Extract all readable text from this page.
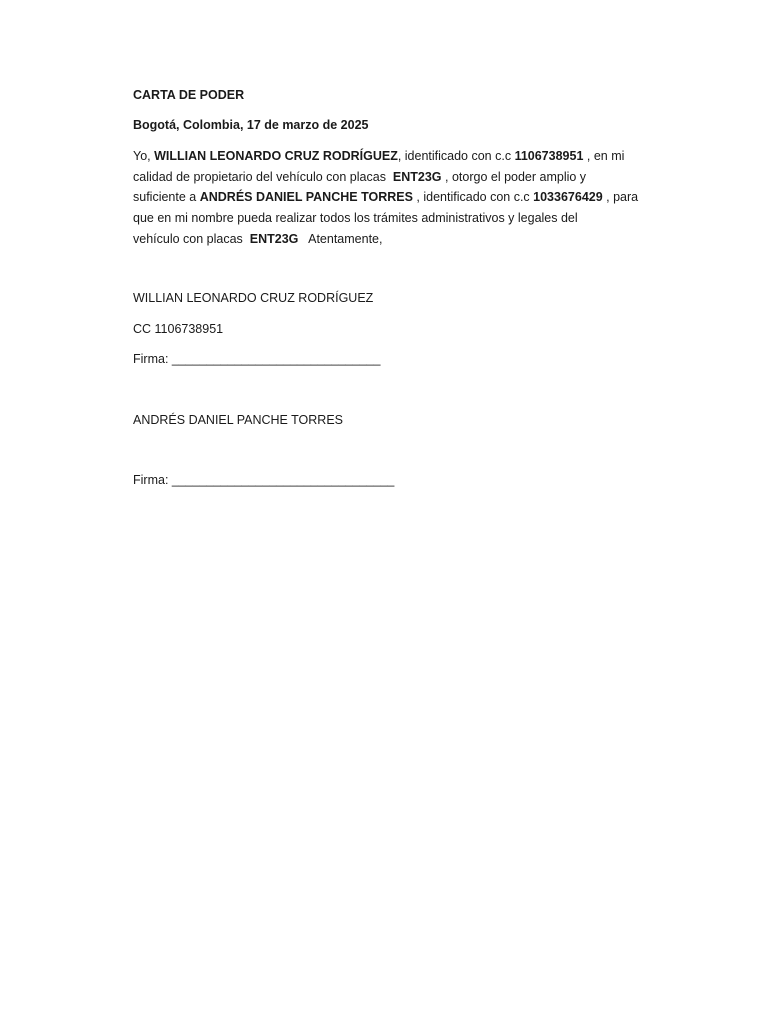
CARTA DE PODER
Bogotá, Colombia, 17 de marzo de 2025
Yo, WILLIAN LEONARDO CRUZ RODRÍGUEZ, identificado con c.c 1106738951 , en mi
calidad de propietario del vehículo con placas  ENT23G , otorgo el poder amplio y
suficiente a ANDRÉS DANIEL PANCHE TORRES , identificado con c.c 1033676429 , para
que en mi nombre pueda realizar todos los trámites administrativos y legales del
vehículo con placas  ENT23G   Atentamente,
WILLIAN LEONARDO CRUZ RODRÍGUEZ
CC 1106738951
Firma: ______________________________
ANDRÉS DANIEL PANCHE TORRES
Firma: ________________________________
